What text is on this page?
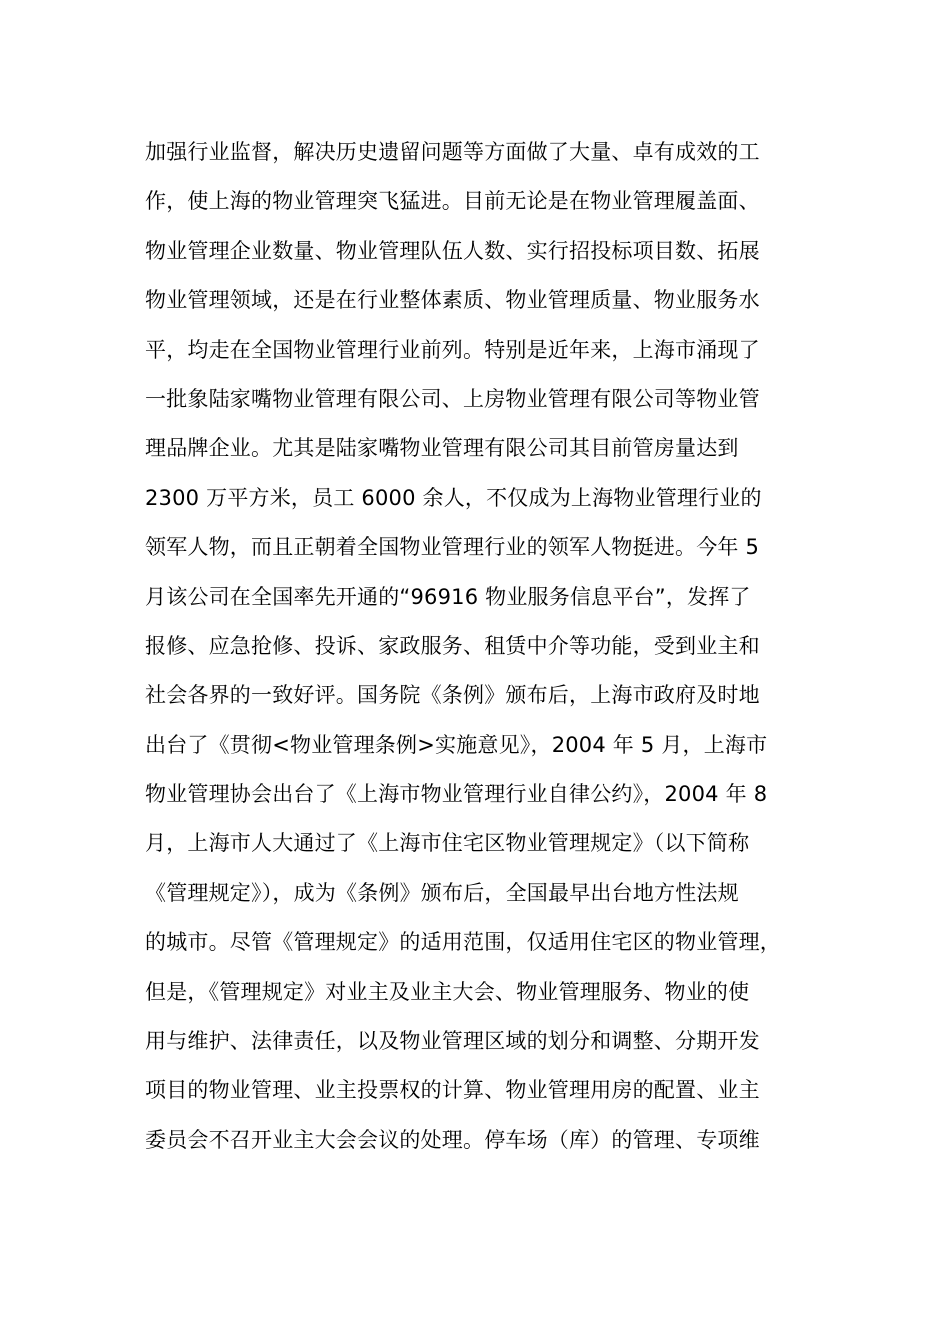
加强行业监督，解决历史遗留问题等方面做了大量、卓有成效的工
作，使上海的物业管理突飞猛进。目前无论是在物业管理履盖面、
物业管理企业数量、物业管理队伍人数、实行招投标项目数、拓展
物业管理领域，还是在行业整体素质、物业管理质量、物业服务水
平，均走在全国物业管理行业前列。特别是近年来，上海市涌现了
一批象陆家嘴物业管理有限公司、上房物业管理有限公司等物业管
理品牌企业。尤其是陆家嘴物业管理有限公司其目前管房量达到
2300 万平方米，员工 6000 余人，不仅成为上海物业管理行业的
领军人物，而且正朝着全国物业管理行业的领军人物挺进。今年 5
月该公司在全国率先开通的“96916 物业服务信息平台”，发挥了
报修、应急抢修、投诉、家政服务、租赁中介等功能，受到业主和
社会各界的一致好评。国务院《条例》颁布后，上海市政府及时地
出台了《贯彻<物业管理条例>实施意见》，2004 年 5 月，上海市
物业管理协会出台了《上海市物业管理行业自律公约》，2004 年 8
月，上海市人大通过了《上海市住宅区物业管理规定》（以下简称
《管理规定》），成为《条例》颁布后，全国最早出台地方性法规
的城市。尽管《管理规定》的适用范围，仅适用住宅区的物业管理，
但是，《管理规定》对业主及业主大会、物业管理服务、物业的使
用与维护、法律责任，以及物业管理区域的划分和调整、分期开发
项目的物业管理、业主投票权的计算、物业管理用房的配置、业主
委员会不召开业主大会会议的处理。停车场（库）的管理、专项维
